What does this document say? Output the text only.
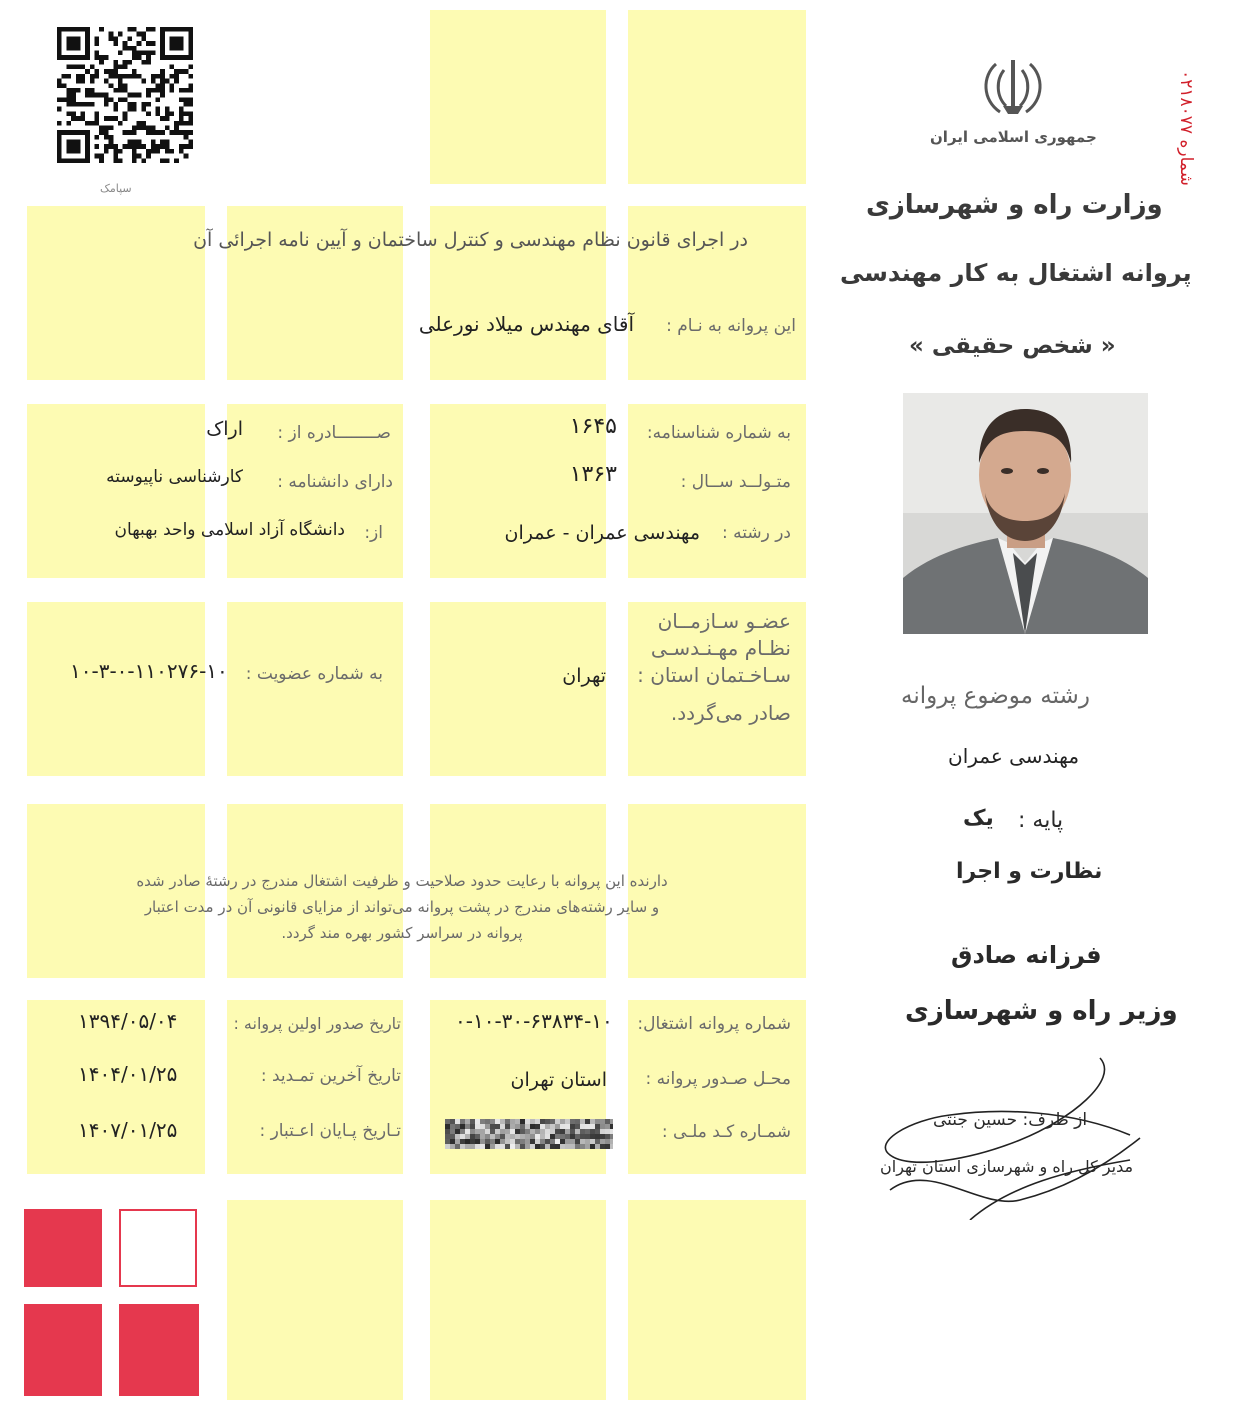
سپامک
شماره ۰۲۱۸۰۷۷
جمهوری اسلامی ایران
وزارت راه و شهرسازی
پروانه اشتغال به کار مهندسی
« شخص حقیقی »
در اجرای قانون نظام مهندسی و کنترل ساختمان و آیین نامه اجرائی آن
این پروانه به نـام :
آقای مهندس میلاد نورعلی
به شماره شناسنامه:
۱۶۴۵
صــــــــادره از :
اراک
متـولــد ســال :
۱۳۶۳
دارای دانشنامه :
کارشناسی ناپیوسته
در رشته :
مهندسی عمران - عمران
از:
دانشگاه آزاد اسلامی واحد بهبهان
عضـو سـازمــان
نظـام مهـنـدسـی
سـاخـتمان استان :
تهران
صادر می‌گردد.
به شماره عضویت :
۱۰-۳-۰-۱۱۰۲۷۶-۱۰
دارنده این پروانه با رعایت حدود صلاحیت و ظرفیت اشتغال مندرج در رشتهٔ صادر شده
و سایر رشته‌های مندرج در پشت پروانه می‌تواند از مزایای قانونی آن در مدت اعتبار
پروانه در سراسر کشور بهره مند گردد.
شماره پروانه اشتغال:
۰-۱۰-۳۰-۶۳۸۳۴-۱۰
تاریخ صدور اولین پروانه :
۱۳۹۴/۰۵/۰۴
محـل صـدور پروانه :
استان تهران
تاریخ آخرین تمـدید :
۱۴۰۴/۰۱/۲۵
شمـاره کـد ملـی :
تـاریخ پـایان اعـتبار :
۱۴۰۷/۰۱/۲۵
رشته موضوع پروانه
مهندسی عمران
پایه :
یک
نظارت و اجرا
فرزانه صادق
وزیر راه و شهرسازی
از طرف: حسین جنتی
مدیر کل راه و شهرسازی استان تهران
